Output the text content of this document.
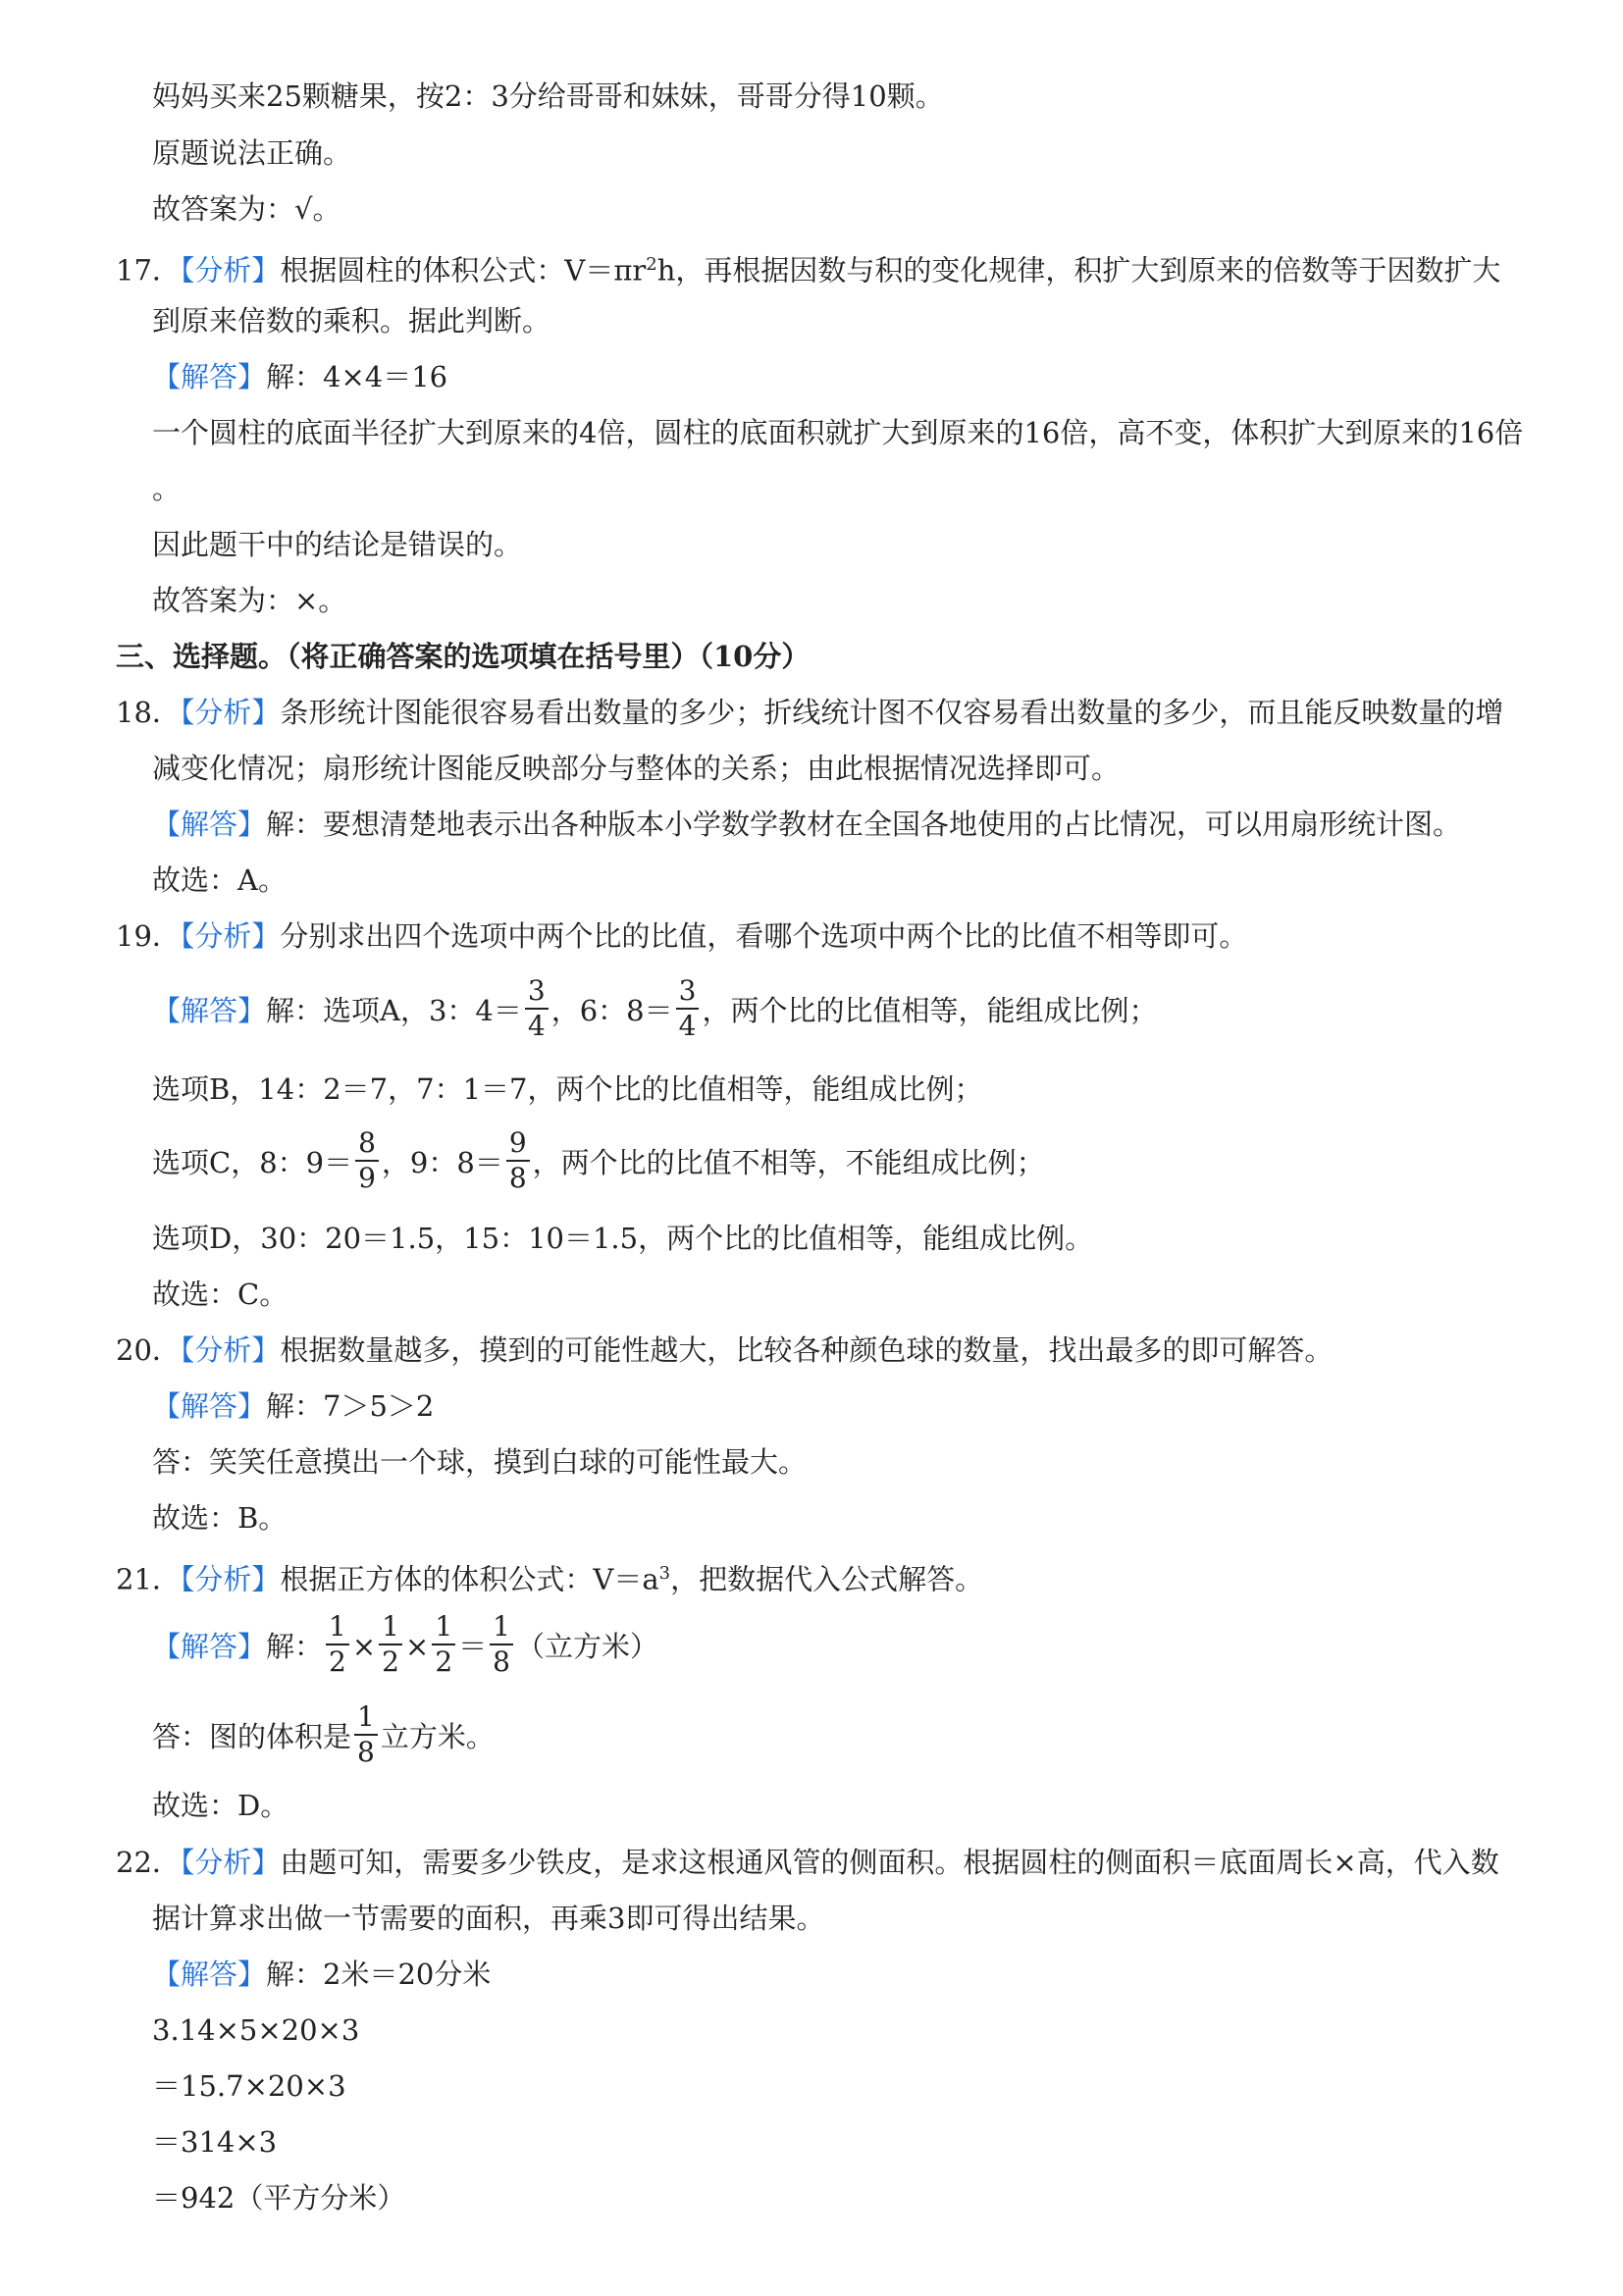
妈妈买来25颗糖果，按2：3分给哥哥和妹妹，哥哥分得10颗。
原题说法正确。
故答案为：√。
17．【分析】根据圆柱的体积公式：$V=\pi r^2h$，再根据因数与积的变化规律，积扩大到原来的倍数等于因数扩大
到原来倍数的乘积。据此判断。
【解答】解：4×4＝16
一个圆柱的底面半径扩大到原来的4倍，圆柱的底面积就扩大到原来的16倍，高不变，体积扩大到原来的16倍
。
因此题干中的结论是错误的。
故答案为：×。
三、选择题。（将正确答案的选项填在括号里）（10分）
18．【分析】条形统计图能很容易看出数量的多少；折线统计图不仅容易看出数量的多少，而且能反映数量的增
减变化情况；扇形统计图能反映部分与整体的关系；由此根据情况选择即可。
【解答】解：要想清楚地表示出各种版本小学数学教材在全国各地使用的占比情况，可以用扇形统计图。
故选：A。
19．【分析】分别求出四个选项中两个比的比值，看哪个选项中两个比的比值不相等即可。
【解答】解：选项A，3：$4= \frac{3}{4}$ ，6：$8= \frac{3}{4}$ ，两个比的比值相等，能组成比例；
选项B，14：2＝7，7：1＝7，两个比的比值相等，能组成比例；
选项C，8：$9= \frac{8}{9}$ ，9：$8= \frac{9}{8}$ ，两个比的比值不相等，不能组成比例；
选项D，30：20＝1.5，15：10＝1.5，两个比的比值相等，能组成比例。
故选：C。
20．【分析】根据数量越多，摸到的可能性越大，比较各种颜色球的数量，找出最多的即可解答。
【解答】解：7＞5＞2
答：笑笑任意摸出一个球，摸到白球的可能性最大。
故选：B。
21．【分析】根据正方体的体积公式：$V=a^3$，把数据代入公式解答。
【解答】解： $\frac{1}{2} \times \frac{1}{2} \times \frac{1}{2} = \frac{1}{8}$ （立方米）
答：图的体积是 $\frac{1}{8}$ 立方米。
故选：D。
22．【分析】由题可知，需要多少铁皮，是求这根通风管的侧面积。根据圆柱的侧面积＝底面周长×高，代入数
据计算求出做一节需要的面积，再乘3即可得出结果。
【解答】解：2米＝20分米
3.14×5×20×3
＝15.7×20×3
＝314×3
＝942（平方分米）
